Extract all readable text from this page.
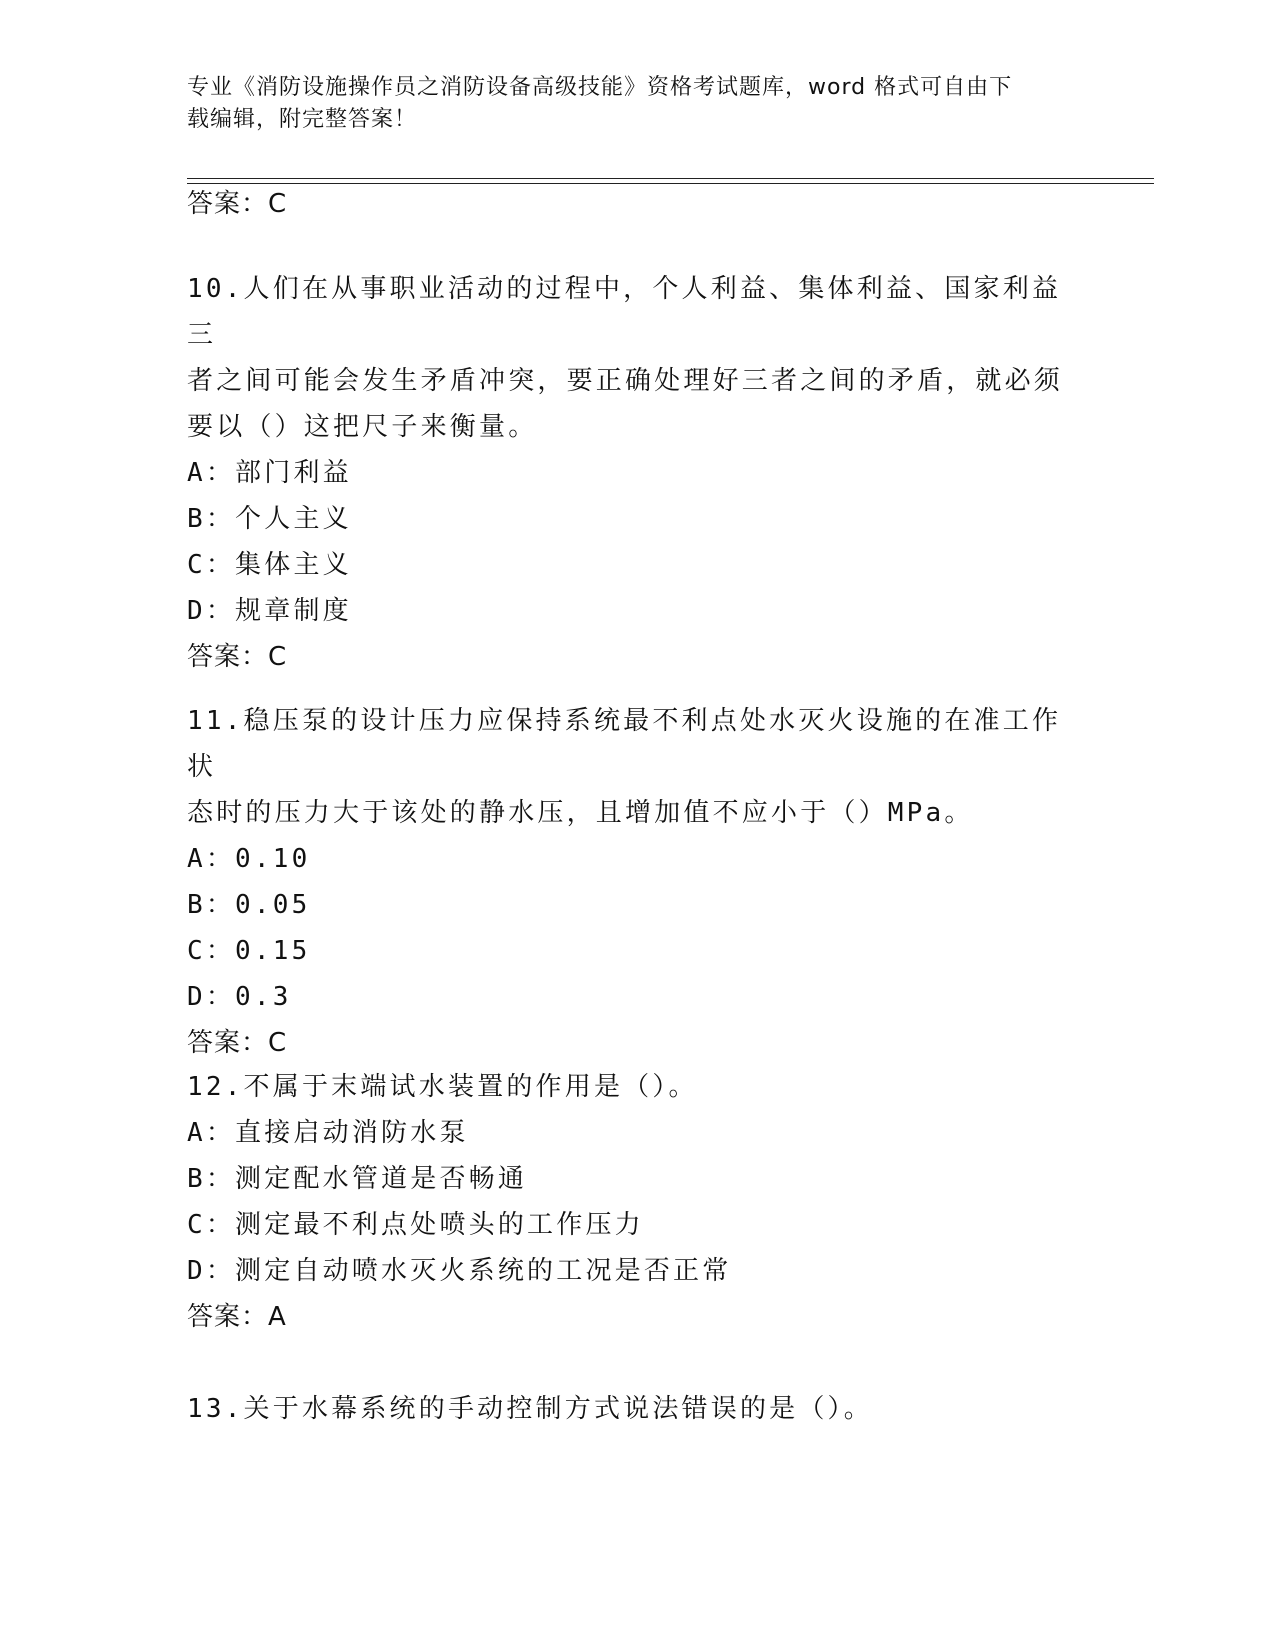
专业《消防设施操作员之消防设备高级技能》资格考试题库，word 格式可自由下
载编辑，附完整答案！
答案：C
10.人们在从事职业活动的过程中，个人利益、集体利益、国家利益三
者之间可能会发生矛盾冲突，要正确处理好三者之间的矛盾，就必须
要以（）这把尺子来衡量。
A：部门利益
B：个人主义
C：集体主义
D：规章制度
答案：C
11.稳压泵的设计压力应保持系统最不利点处水灭火设施的在准工作状
态时的压力大于该处的静水压，且增加值不应小于（）MPa。
A：0.10
B：0.05
C：0.15
D：0.3
答案：C
12.不属于末端试水装置的作用是（）。
A：直接启动消防水泵
B：测定配水管道是否畅通
C：测定最不利点处喷头的工作压力
D：测定自动喷水灭火系统的工况是否正常
答案：A
13.关于水幕系统的手动控制方式说法错误的是（）。
